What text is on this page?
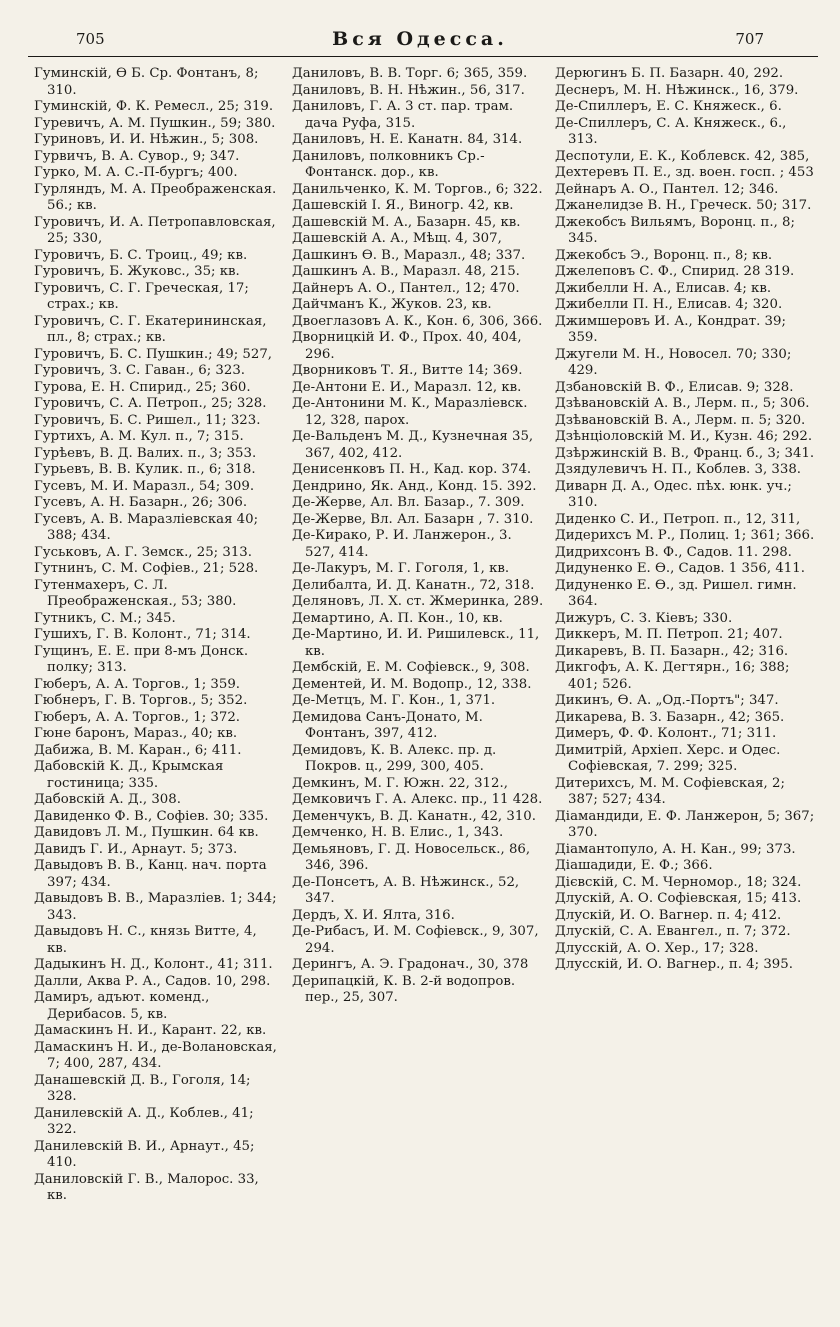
705	Вся Одесса.	707

Гуминскій, Ѳ Б. Ср. Фонтанъ, 8; 310.

Гуминскій, Ф. К. Ремесл., 25; 319.

Гуревичъ, А. М. Пушкин., 59; 380.

Гуриновъ, И. И. Нѣжин., 5; 308.

Гурвичъ, В. А. Сувор., 9; 347.

Гурко, М. А. С.-П-бургъ; 400.

Гурляндъ, М. А. Преображенская. 56.; кв.

Гуровичъ, И. А. Петропавловская, 25; 330,

Гуровичъ, Б. С. Троиц., 49; кв.

Гуровичъ, Б. Жуковс., 35; кв.

Гуровичъ, С. Г. Греческая, 17; страх.; кв.

Гуровичъ, С. Г. Екатерининская, пл., 8; страх.; кв.

Гуровичъ, Б. С. Пушкин.; 49; 527,

Гуровичъ, З. С. Гаван., 6; 323.

Гурова, Е. Н. Спирид., 25; 360.

Гуровичъ, С. А. Петроп., 25; 328.

Гуровичъ, Б. С. Ришел., 11; 323.

Гуртихъ, А. М. Кул. п., 7; 315.

Гурѣевъ, В. Д. Валих. п., 3; 353.

Гурьевъ, В. В. Кулик. п., 6; 318.

Гусевъ, М. И. Маразл., 54; 309.

Гусевъ, А. Н. Базарн., 26; 306.

Гусевъ, А. В. Маразліевская 40; 388; 434.

Гуськовъ, А. Г. Земск., 25; 313.

Гутнинъ, С. М. Софіев., 21; 528.

Гутенмахеръ, С. Л. Преображенская., 53; 380.

Гутникъ, С. М.; 345.

Гушихъ, Г. В. Колонт., 71; 314.

Гущинъ, Е. Е. при 8-мъ Донск. полку; 313.

Гюберъ, А. А. Торгов., 1; 359.

Гюбнеръ, Г. В. Торгов., 5; 352.

Гюберъ, А. А. Торгов., 1; 372.

Гюне баронъ, Мараз., 40; кв.

Дабижа, В. М. Каран., 6; 411.

Дабовскій К. Д., Крымская гостиница; 335.

Дабовскій А. Д., 308.

Давиденко Ф. В., Софіев. 30; 335.

Давидовъ Л. М., Пушкин. 64 кв.

Давидъ Г. И., Арнаут. 5; 373.

Давыдовъ В. В., Канц. нач. порта 397; 434.

Давыдовъ В. В., Маразліев. 1; 344; 343.

Давыдовъ Н. С., князь Витте, 4, кв.

Дадыкинъ Н. Д., Колонт., 41; 311.

Далли, Аква Р. А., Садов. 10, 298.

Дамиръ, адъют. коменд., Дерибасов. 5, кв.

Дамаскинъ Н. И., Карант. 22, кв.

Дамаскинъ Н. И., де-Волановская, 7; 400, 287, 434.

Данашевскій Д. В., Гоголя, 14; 328.

Данилевскій А. Д., Коблев., 41; 322.

Данилевскій В. И., Арнаут., 45; 410.

Даниловскій Г. В., Малорос. 33, кв.

Даниловъ, В. В. Торг. 6; 365, 359.

Даниловъ, В. Н. Нѣжин., 56, 317.

Даниловъ, Г. А. 3 ст. пар. трам. дача Руфа, 315.

Даниловъ, Н. Е. Канатн. 84, 314.

Даниловъ, полковникъ Ср.-Фонтанск. дор., кв.

Данильченко, К. М. Торгов., 6; 322.

Дашевскій І. Я., Виногр. 42, кв.

Дашевскій М. А., Базарн. 45, кв.

Дашевскій А. А., Мѣщ. 4, 307,

Дашкинъ Ѳ. В., Маразл., 48; 337.

Дашкинъ А. В., Маразл. 48, 215.

Дайнеръ А. О., Пантел., 12; 470.

Дайчманъ К., Жуков. 23, кв.

Двоеглазовъ А. К., Кон. 6, 306, 366.

Дворницкій И. Ф., Прох. 40, 404, 296.

Дворниковъ Т. Я., Витте 14; 369.

Де-Антони Е. И., Маразл. 12, кв.

Де-Антонини М. К., Маразліевск. 12, 328, парох.

Де-Вальденъ М. Д., Кузнечная 35, 367, 402, 412.

Денисенковъ П. Н., Кад. кор. 374.

Дендрино, Як. Анд., Конд. 15. 392.

Де-Жерве, Ал. Вл. Базар., 7. 309.

Де-Жерве, Вл. Ал. Базарн , 7. 310.

Де-Кирако, Р. И. Ланжерон., 3. 527, 414.

Де-Лакуръ, М. Г. Гоголя, 1, кв.

Делибалта, И. Д. Канатн., 72, 318.

Деляновъ, Л. Х. ст. Жмеринка, 289.

Демартино, А. П. Кон., 10, кв.

Де-Мартино, И. И. Ришилевск., 11, кв.

Дембскій, Е. М. Софіевск., 9, 308.

Дементей, И. М. Водопр., 12, 338.

Де-Метцъ, М. Г. Кон., 1, 371.

Демидова Санъ-Донато, М. Фонтанъ, 397, 412.

Демидовъ, К. В. Алекс. пр. д. Покров. ц., 299, 300, 405.

Демкинъ, М. Г. Южн. 22, 312.,

Демковичъ Г. А. Алекс. пр., 11 428.

Деменчукъ, В. Д. Канатн., 42, 310.

Демченко, Н. В. Елис., 1, 343.

Демьяновъ, Г. Д. Новосельск., 86, 346, 396.

Де-Понсетъ, А. В. Нѣжинск., 52, 347.

Дердъ, Х. И. Ялта, 316.

Де-Рибасъ, И. М. Софіевск., 9, 307, 294.

Дерингъ, А. Э. Градонач., 30, 378

Дерипацкій, К. В. 2-й водопров. пер., 25, 307.

Дерюгинъ Б. П. Базарн. 40, 292.

Деснеръ, М. Н. Нѣжинск., 16, 379.

Де-Спиллеръ, Е. С. Княжеск., 6.

Де-Спиллеръ, С. А. Княжеск., 6., 313.

Деспотули, Е. К., Коблевск. 42, 385,

Дехтеревъ П. Е., зд. воен. госп. ; 453

Дейнаръ А. О., Пантел. 12; 346.

Джанелидзе В. Н., Греческ. 50; 317.

Джекобсъ Вильямъ, Воронц. п., 8; 345.

Джекобсъ Э., Воронц. п., 8; кв.

Джелеповъ С. Ф., Спирид. 28 319.

Джибелли Н. А., Елисав. 4; кв.

Джибелли П. Н., Елисав. 4; 320.

Джимшеровъ И. А., Кондрат. 39; 359.

Джугели М. Н., Новосел. 70; 330; 429.

Дзбановскій В. Ф., Елисав. 9; 328.

Дзѣвановскій А. В., Лерм. п., 5; 306.

Дзѣвановскій В. А., Лерм. п. 5; 320.

Дзѣнціоловскій М. И., Кузн. 46; 292.

Дзѣржинскій В. В., Франц. б., 3; 341.

Дзядулевичъ Н. П., Коблев. 3, 338.

Диварн Д. А., Одес. пѣх. юнк. уч.; 310.

Диденко С. И., Петроп. п., 12, 311,

Дидерихсъ М. Р., Полиц. 1; 361; 366.

Дидрихсонъ В. Ф., Садов. 11. 298.

Дидуненко Е. Ѳ., Садов. 1 356, 411.

Дидуненко Е. Ѳ., зд. Ришел. гимн. 364.

Дижуръ, С. З. Кіевъ; 330.

Диккеръ, М. П. Петроп. 21; 407.

Дикаревъ, В. П. Базарн., 42; 316.

Дикгофъ, А. К. Дегтярн., 16; 388; 401; 526.

Дикинъ, Ѳ. А. „Од.-Портъ"; 347.

Дикарева, В. З. Базарн., 42; 365.

Димеръ, Ф. Ф. Колонт., 71; 311.

Димитрій, Архіеп. Херс. и Одес. Софіевская, 7. 299; 325.

Дитерихсъ, М. М. Софіевская, 2; 387; 527; 434.

Діамандиди, Е. Ф. Ланжерон, 5; 367; 370.

Діамантопуло, А. Н. Кан., 99; 373.

Діашадиди, Е. Ф.; 366.

Дієвскій, С. М. Черномор., 18; 324.

Длуcкій, А. О. Софіевская, 15; 413.

Длускій, И. О. Вагнер. п. 4; 412.

Длускій, С. А. Евангел., п. 7; 372.

Длусскій, А. О. Хер., 17; 328.

Длусскій, И. О. Вагнер., п. 4; 395.
